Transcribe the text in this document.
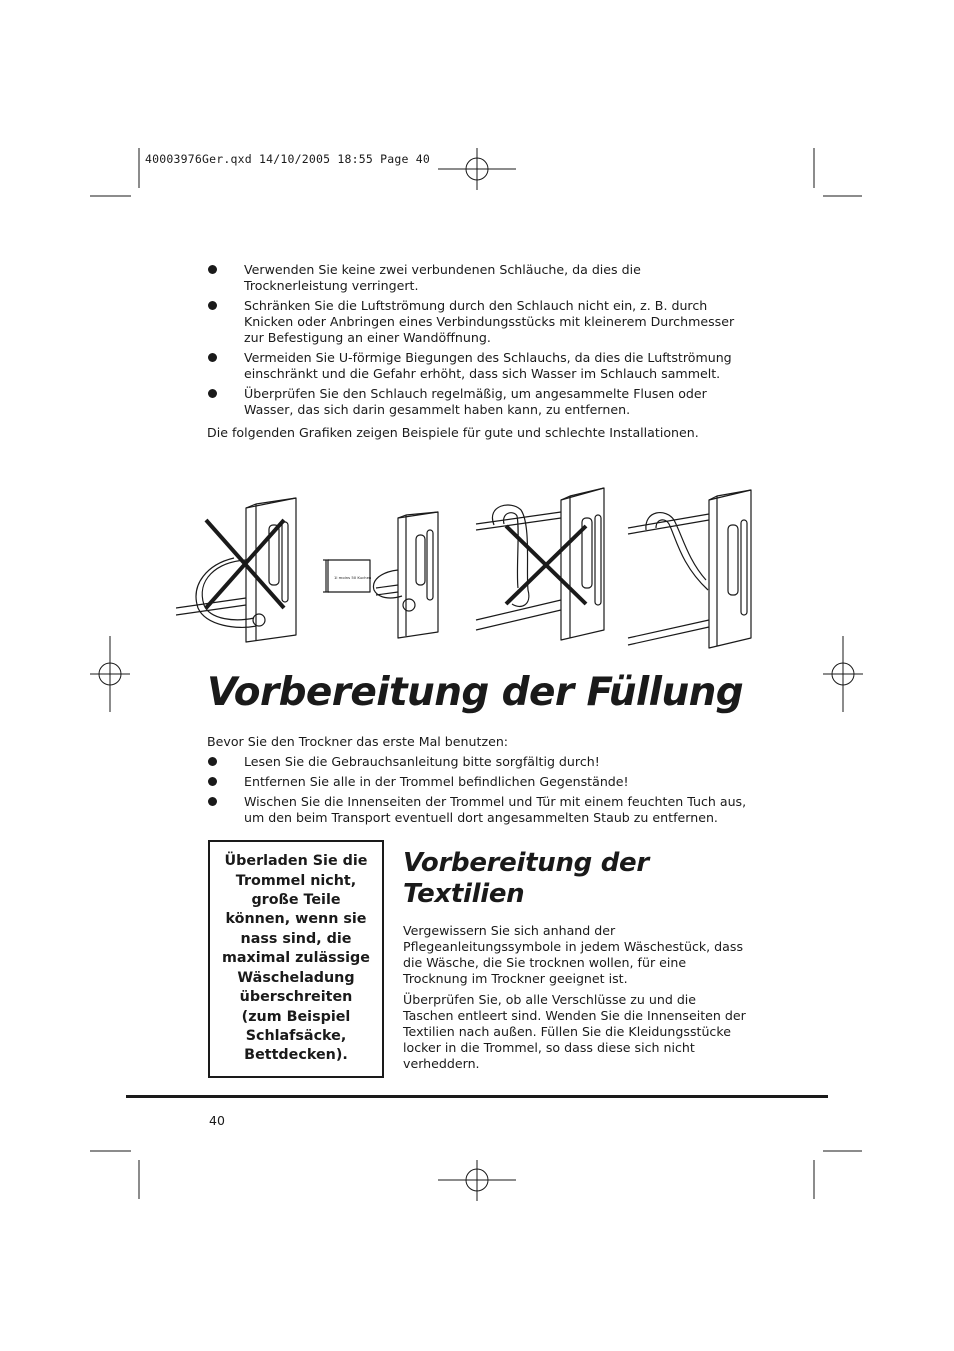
40003976Ger.qxd 14/10/2005 18:55 Page 40
Verwenden Sie keine zwei verbundenen Schläuche, da dies die Trocknerleistung verringert.
Schränken Sie die Luftströmung durch den Schlauch nicht ein, z. B. durch Knicken oder Anbringen eines Verbindungsstücks mit kleinerem Durchmesser zur Befestigung an einer Wandöffnung.
Vermeiden Sie U-förmige Biegungen des Schlauchs, da dies die Luftströmung einschränkt und die Gefahr erhöht, dass sich Wasser im Schlauch sammelt.
Überprüfen Sie den Schlauch regelmäßig, um angesammelte Flusen oder Wasser, das sich darin gesammelt haben kann, zu entfernen.
Die folgenden Grafiken zeigen Beispiele für gute und schlechte Installationen.
1l moins 50 Kuchen
Vorbereitung der Füllung
Bevor Sie den Trockner das erste Mal benutzen:
Lesen Sie die Gebrauchsanleitung bitte sorgfältig durch!
Entfernen Sie alle in der Trommel befindlichen Gegenstände!
Wischen Sie die Innenseiten der Trommel und Tür mit einem feuchten Tuch aus, um den beim Transport eventuell dort angesammelten Staub zu entfernen.
Überladen Sie die Trommel nicht, große Teile können, wenn sie nass sind, die maximal zulässige Wäscheladung überschreiten (zum Beispiel Schlafsäcke, Bettdecken).
Vorbereitung der Textilien
Vergewissern Sie sich anhand der Pflegeanleitungssymbole in jedem Wäschestück, dass die Wäsche, die Sie trocknen wollen, für eine Trocknung im Trockner geeignet ist.
Überprüfen Sie, ob alle Verschlüsse zu und die Taschen entleert sind. Wenden Sie die Innenseiten der Textilien nach außen. Füllen Sie die Kleidungsstücke locker in die Trommel, so dass diese sich nicht verheddern.
40
